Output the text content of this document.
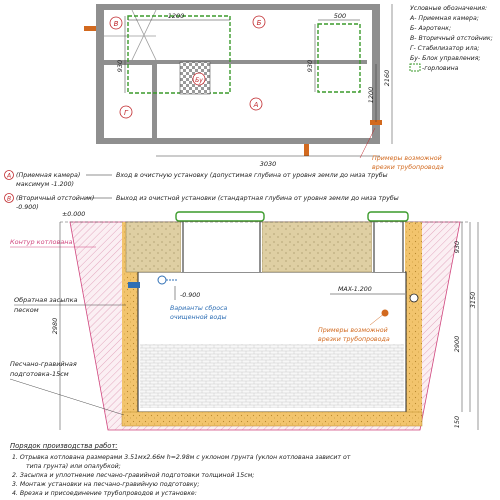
В	Б
Г
А
Бу
1200	500
930	930
1200
2160
3030
Примеры возможной
врезки трубопровода
Условные обозначения:
А- Приемная камера;
Б- Аэротенк;
В- Вторичный отстойник;
Г- Стабилизатор ила;
Бу- Блок управления;
-горловина
А (Приемная камера)	Вход в очистную установку (допустимая глубина от уровня земли до низа трубы
максимум -1.200)
В (Вторичный отстойник)	Выход из очистной установки (стандартная глубина от уровня земли до низа трубы
-0.900)
±0.000
-0.900
MAX-1.200
Контур котлована
Обратная засыпка
песком
Песчано-гравийная
подготовка-15см
Варианты сброса
очищенной воды
Примеры возможной
врезки трубопровода
2980
930
3150
2900
150
Порядок производства работ:
1. Отрывка котлована размерами 3.51мх2.66м h=2.98м с уклоном грунта (уклон котлована зависит от
типа грунта) или опалубкой;
2. Засыпка и уплотнение песчано-гравийной подготовки толщиной 15см;
3. Монтаж установки на песчано-гравийную подготовку;
4. Врезка и присоединение трубопроводов и установке:
